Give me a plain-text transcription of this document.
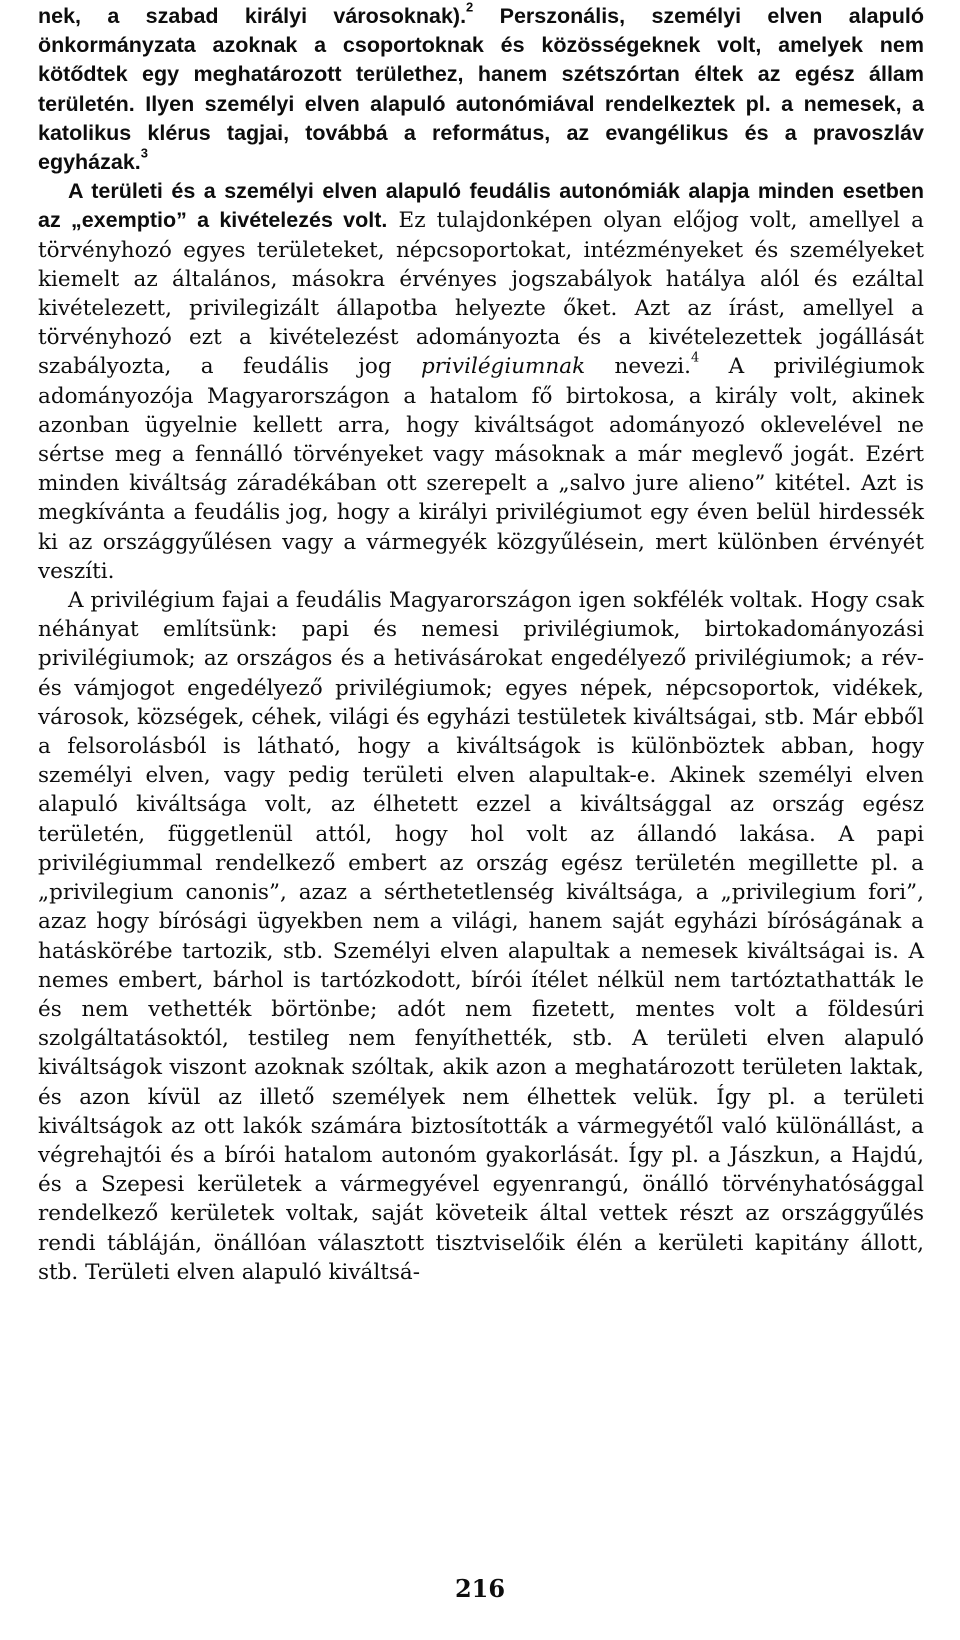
nek, a szabad királyi városoknak).$^2$ Perszonális, személyi elven alapuló önkormányzata azoknak a csoportoknak és közösségeknek volt, amelyek nem kötődtek egy meghatározott területhez, hanem szétszórtan éltek az egész állam területén. Ilyen személyi elven alapuló autonómiával rendelkeztek pl. a nemesek, a katolikus klérus tagjai, továbbá a református, az evangélikus és a pravoszláv egyházak.$^3$

A területi és a személyi elven alapuló feudális autonómiák alapja minden esetben az „exemptio” a kivételezés volt. Ez tulajdonképen olyan előjog volt, amellyel a törvényhozó egyes területeket, népcsoportokat, intézményeket és személyeket kiemelt az általános, másokra érvényes jogszabályok hatálya alól és ezáltal kivételezett, privilegizált állapotba helyezte őket. Azt az írást, amellyel a törvényhozó ezt a kivételezést adományozta és a kivételezettek jogállását szabályozta, a feudális jog privilégiumnak nevezi.$^4$ A privilégiumok adományozója Magyarországon a hatalom fő birtokosa, a király volt, akinek azonban ügyelnie kellett arra, hogy kiváltságot adományozó oklevelével ne sértse meg a fennálló törvényeket vagy másoknak a már meglevő jogát. Ezért minden kiváltság záradékában ott szerepelt a „salvo jure alieno” kitétel. Azt is megkívánta a feudális jog, hogy a királyi privilégiumot egy éven belül hirdessék ki az országgyűlésen vagy a vármegyék közgyűlésein, mert különben érvényét veszíti.

A privilégium fajai a feudális Magyarországon igen sokfélék voltak. Hogy csak néhányat említsünk: papi és nemesi privilégiumok, birtokadományozási privilégiumok; az országos és a hetivásárokat engedélyező privilégiumok; a rév- és vámjogot engedélyező privilégiumok; egyes népek, népcsoportok, vidékek, városok, községek, céhek, világi és egyházi testületek kiváltságai, stb. Már ebből a felsorolásból is látható, hogy a kiváltságok is különböztek abban, hogy személyi elven, vagy pedig területi elven alapultak-e. Akinek személyi elven alapuló kiváltsága volt, az élhetett ezzel a kiváltsággal az ország egész területén, függetlenül attól, hogy hol volt az állandó lakása. A papi privilégiummal rendelkező embert az ország egész területén megillette pl. a „privilegium canonis”, azaz a sérthetetlenség kiváltsága, a „privilegium fori”, azaz hogy bírósági ügyekben nem a világi, hanem saját egyházi bíróságának a hatáskörébe tartozik, stb. Személyi elven alapultak a nemesek kiváltságai is. A nemes embert, bárhol is tartózkodott, bírói ítélet nélkül nem tartóztathatták le és nem vethették börtönbe; adót nem fizetett, mentes volt a földesúri szolgáltatásoktól, testileg nem fenyíthették, stb. A területi elven alapuló kiváltságok viszont azoknak szóltak, akik azon a meghatározott területen laktak, és azon kívül az illető személyek nem élhettek velük. Így pl. a területi kiváltságok az ott lakók számára biztosították a vármegyétől való különállást, a végrehajtói és a bírói hatalom autonóm gyakorlását. Így pl. a Jászkun, a Hajdú, és a Szepesi kerületek a vármegyével egyenrangú, önálló törvényhatósággal rendelkező kerületek voltak, saját követeik által vettek részt az országgyűlés rendi tábláján, önállóan választott tisztviselőik élén a kerületi kapitány állott, stb. Területi elven alapuló kiváltsá-

216
